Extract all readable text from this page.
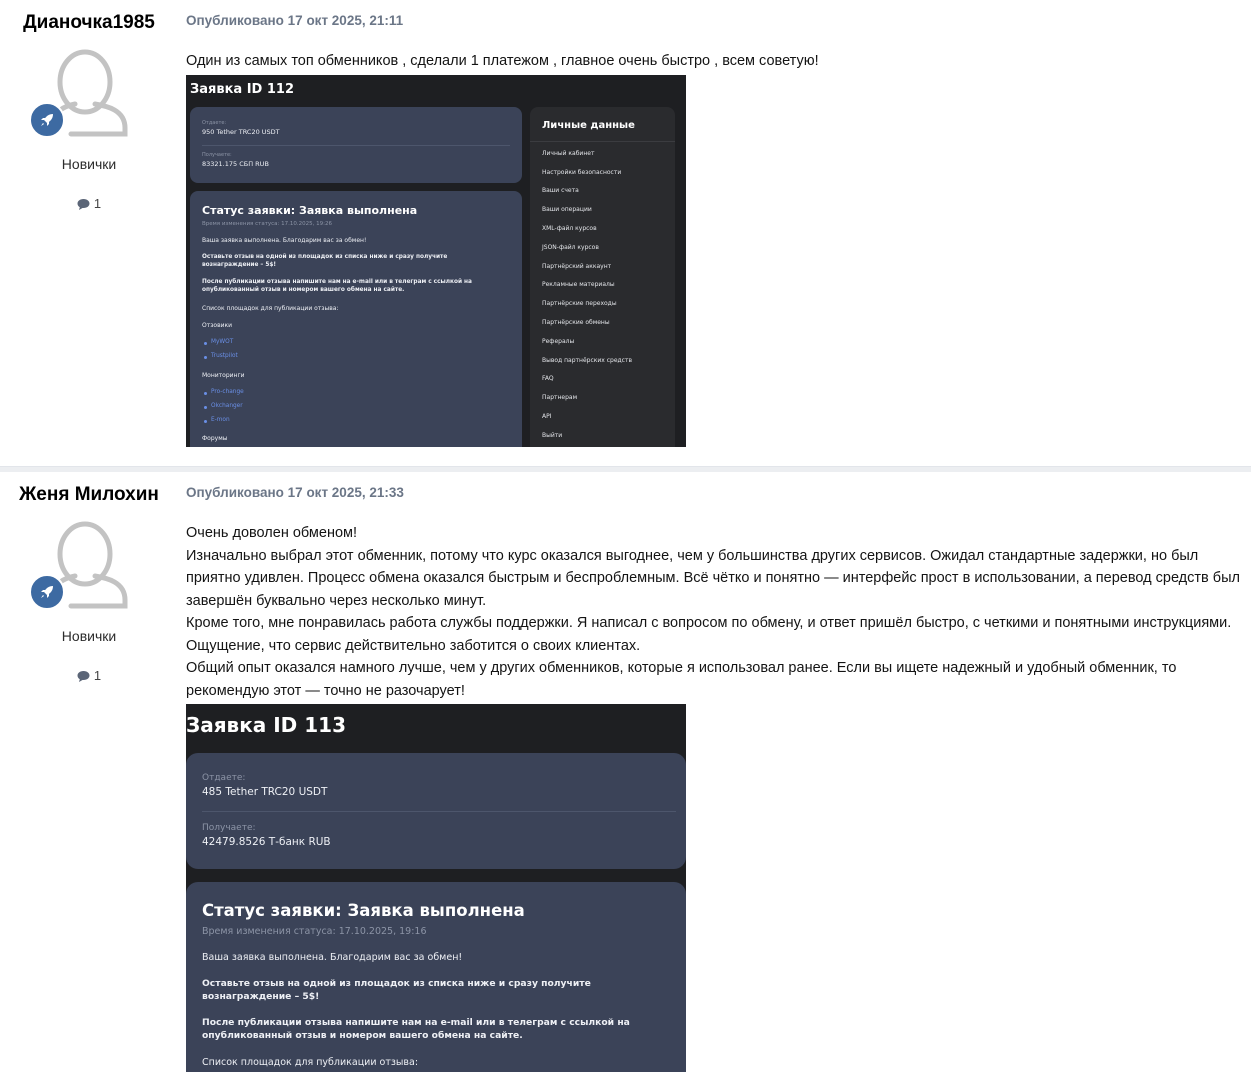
Дианочка1985
Новички
1
Опубликовано 17 окт 2025, 21:11

Один из самых топ обменников , сделали 1 платежом , главное очень быстро , всем советую!

Заявка ID 112
Отдаете:
950 Tether TRC20 USDT
Получаете:
83321.175 СБП RUB
Статус заявки: Заявка выполнена
Время изменения статуса: 17.10.2025, 19:26
Ваша заявка выполнена. Благодарим вас за обмен!
Оставьте отзыв на одной из площадок из списка ниже и сразу получите
вознаграждение – 5$!
После публикации отзыва напишите нам на e-mail или в телеграм с ссылкой на
опубликованный отзыв и номером вашего обмена на сайте.
Список площадок для публикации отзыва:
Отзовики
MyWOT
Trustpilot
Мониторинги
Pro-change
Okchanger
E-mon
Форумы
Личные данные
Личный кабинет
Настройки безопасности
Ваши счета
Ваши операции
XML-файл курсов
JSON-файл курсов
Партнёрский аккаунт
Рекламные материалы
Партнёрские переходы
Партнёрские обмены
Рефералы
Вывод партнёрских средств
FAQ
Партнерам
API
Выйти
Женя Милохин
Новички
1
Опубликовано 17 окт 2025, 21:33

Очень доволен обменом!

Изначально выбрал этот обменник, потому что курс оказался выгоднее, чем у большинства других сервисов. Ожидал стандартные задержки, но был приятно удивлен. Процесс обмена оказался быстрым и беспроблемным. Всё чётко и понятно — интерфейс прост в использовании, а перевод средств был завершён буквально через несколько минут.

Кроме того, мне понравилась работа службы поддержки. Я написал с вопросом по обмену, и ответ пришёл быстро, с четкими и понятными инструкциями. Ощущение, что сервис действительно заботится о своих клиентах.

Общий опыт оказался намного лучше, чем у других обменников, которые я использовал ранее. Если вы ищете надежный и удобный обменник, то рекомендую этот — точно не разочарует!

Заявка ID 113
Отдаете:
485 Tether TRC20 USDT
Получаете:
42479.8526 Т-банк RUB
Статус заявки: Заявка выполнена
Время изменения статуса: 17.10.2025, 19:16
Ваша заявка выполнена. Благодарим вас за обмен!
Оставьте отзыв на одной из площадок из списка ниже и сразу получите
вознаграждение – 5$!
После публикации отзыва напишите нам на e-mail или в телеграм с ссылкой на
опубликованный отзыв и номером вашего обмена на сайте.
Список площадок для публикации отзыва:
